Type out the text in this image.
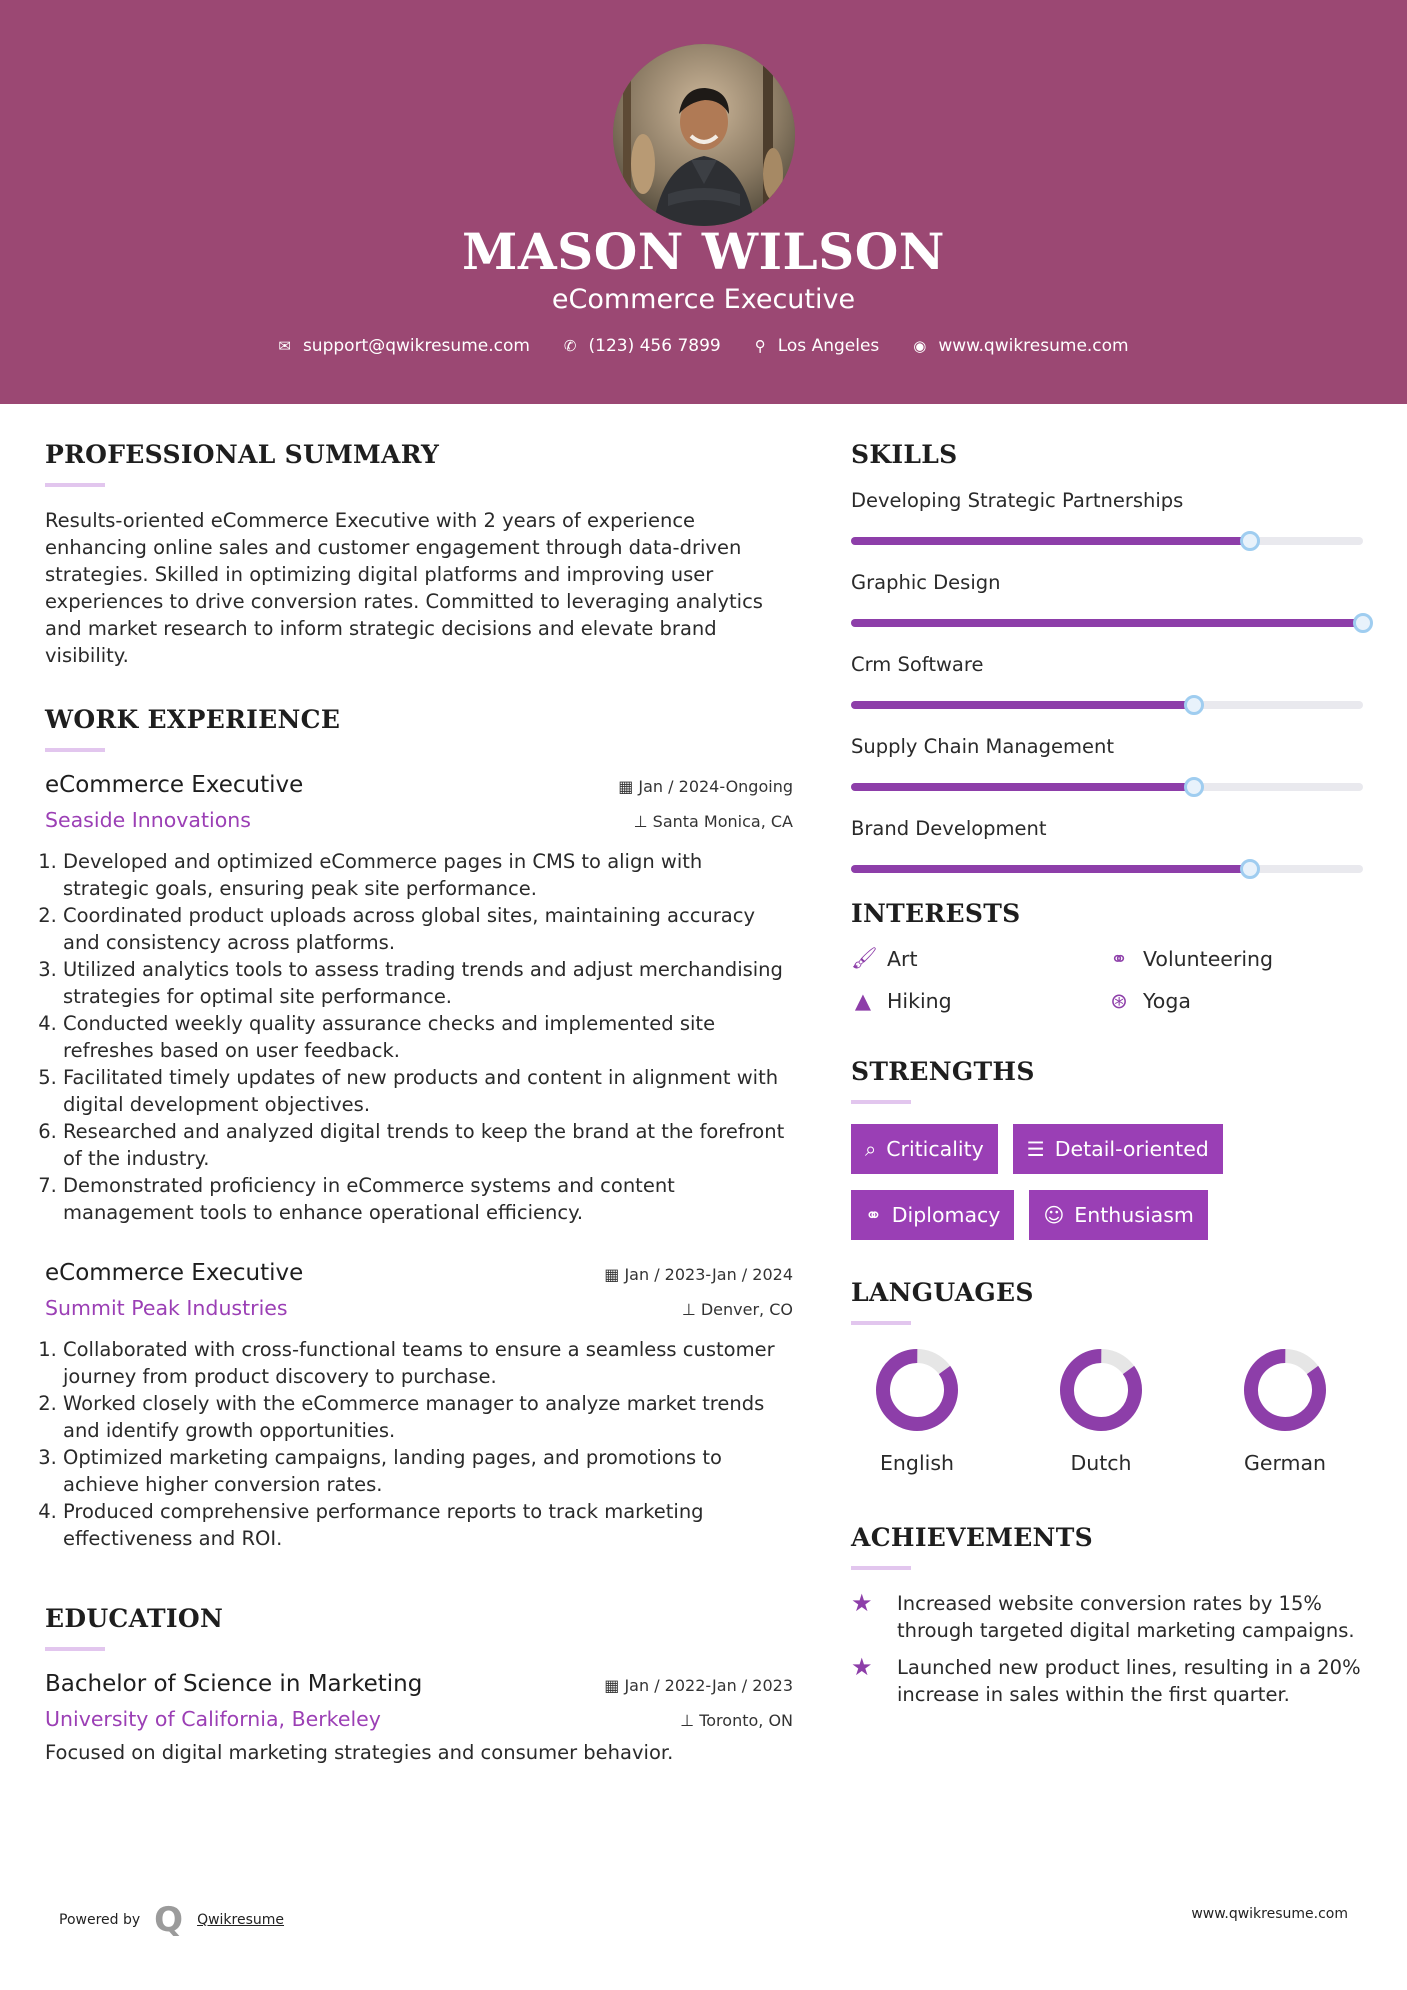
MASON WILSON
eCommerce Executive
✉ support@qwikresume.com ✆ (123) 456 7899 ⚲ Los Angeles ◉ www.qwikresume.com
PROFESSIONAL SUMMARY
Results-oriented eCommerce Executive with 2 years of experience enhancing online sales and customer engagement through data-driven strategies. Skilled in optimizing digital platforms and improving user experiences to drive conversion rates. Committed to leveraging analytics and market research to inform strategic decisions and elevate brand visibility.
WORK EXPERIENCE
eCommerce Executive	▦ Jan / 2024-Ongoing
Seaside Innovations	⊥ Santa Monica, CA
1. Developed and optimized eCommerce pages in CMS to align with strategic goals, ensuring peak site performance.
2. Coordinated product uploads across global sites, maintaining accuracy and consistency across platforms.
3. Utilized analytics tools to assess trading trends and adjust merchandising strategies for optimal site performance.
4. Conducted weekly quality assurance checks and implemented site refreshes based on user feedback.
5. Facilitated timely updates of new products and content in alignment with digital development objectives.
6. Researched and analyzed digital trends to keep the brand at the forefront of the industry.
7. Demonstrated proficiency in eCommerce systems and content management tools to enhance operational efficiency.
eCommerce Executive	▦ Jan / 2023-Jan / 2024
Summit Peak Industries	⊥ Denver, CO
1. Collaborated with cross-functional teams to ensure a seamless customer journey from product discovery to purchase.
2. Worked closely with the eCommerce manager to analyze market trends and identify growth opportunities.
3. Optimized marketing campaigns, landing pages, and promotions to achieve higher conversion rates.
4. Produced comprehensive performance reports to track marketing effectiveness and ROI.
EDUCATION
Bachelor of Science in Marketing	▦ Jan / 2022-Jan / 2023
University of California, Berkeley	⊥ Toronto, ON
Focused on digital marketing strategies and consumer behavior.
SKILLS
Developing Strategic Partnerships
Graphic Design
Crm Software
Supply Chain Management
Brand Development
INTERESTS
🖌 Art	⚭ Volunteering
▲ Hiking	⊛ Yoga
STRENGTHS
⌕ Criticality ☰ Detail-oriented
⚭ Diplomacy ☺ Enthusiasm
LANGUAGES
English	Dutch	German
ACHIEVEMENTS
★	Increased website conversion rates by 15% through targeted digital marketing campaigns.
★	Launched new product lines, resulting in a 20% increase in sales within the first quarter.
Powered by Q Qwikresume	www.qwikresume.com
